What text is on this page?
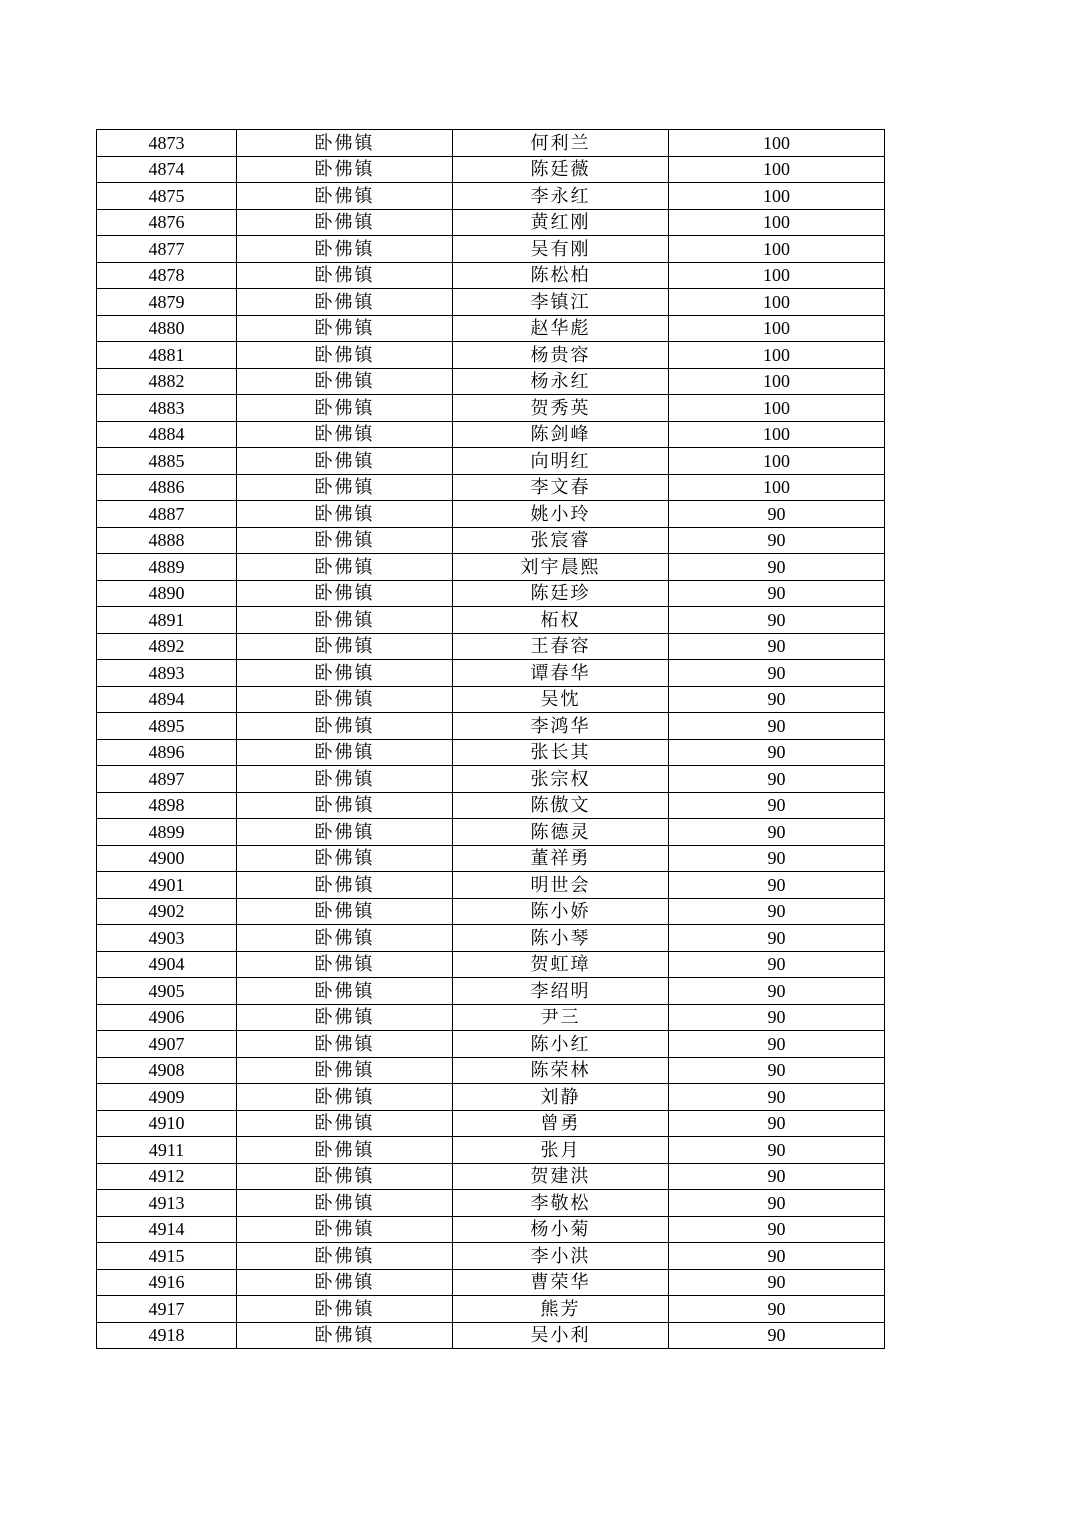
4873	卧佛镇	何利兰	100
4874	卧佛镇	陈廷薇	100
4875	卧佛镇	李永红	100
4876	卧佛镇	黄红刚	100
4877	卧佛镇	吴有刚	100
4878	卧佛镇	陈松柏	100
4879	卧佛镇	李镇江	100
4880	卧佛镇	赵华彪	100
4881	卧佛镇	杨贵容	100
4882	卧佛镇	杨永红	100
4883	卧佛镇	贺秀英	100
4884	卧佛镇	陈剑峰	100
4885	卧佛镇	向明红	100
4886	卧佛镇	李文春	100
4887	卧佛镇	姚小玲	90
4888	卧佛镇	张宸睿	90
4889	卧佛镇	刘宇晨熙	90
4890	卧佛镇	陈廷珍	90
4891	卧佛镇	柘权	90
4892	卧佛镇	王春容	90
4893	卧佛镇	谭春华	90
4894	卧佛镇	吴忱	90
4895	卧佛镇	李鸿华	90
4896	卧佛镇	张长其	90
4897	卧佛镇	张宗权	90
4898	卧佛镇	陈傲文	90
4899	卧佛镇	陈德灵	90
4900	卧佛镇	董祥勇	90
4901	卧佛镇	明世会	90
4902	卧佛镇	陈小娇	90
4903	卧佛镇	陈小琴	90
4904	卧佛镇	贺虹璋	90
4905	卧佛镇	李绍明	90
4906	卧佛镇	尹三	90
4907	卧佛镇	陈小红	90
4908	卧佛镇	陈荣林	90
4909	卧佛镇	刘静	90
4910	卧佛镇	曾勇	90
4911	卧佛镇	张月	90
4912	卧佛镇	贺建洪	90
4913	卧佛镇	李敬松	90
4914	卧佛镇	杨小菊	90
4915	卧佛镇	李小洪	90
4916	卧佛镇	曹荣华	90
4917	卧佛镇	熊芳	90
4918	卧佛镇	吴小利	90
